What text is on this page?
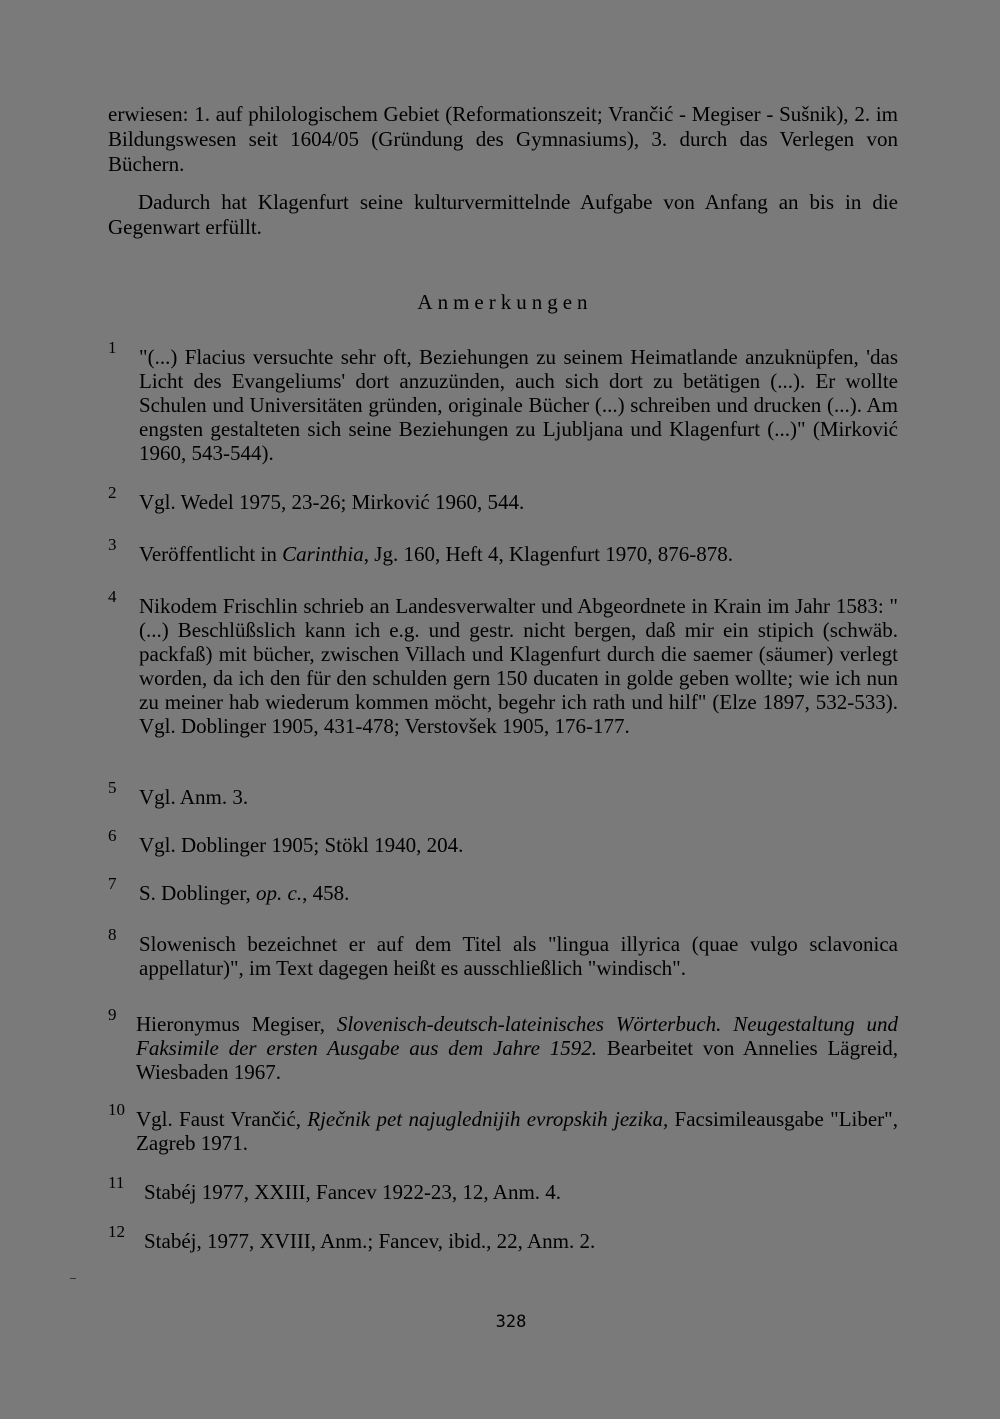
erwiesen: 1. auf philologischem Gebiet (Reformationszeit; Vrančić - Megiser - Sušnik), 2. im Bildungswesen seit 1604/05 (Gründung des Gymnasiums), 3. durch das Verlegen von Büchern.

Dadurch hat Klagenfurt seine kulturvermittelnde Aufgabe von Anfang an bis in die Gegenwart erfüllt.

Anmerkungen
1 "(...) Flacius versuchte sehr oft, Beziehungen zu seinem Heimatlande anzuknüpfen, 'das Licht des Evangeliums' dort anzuzünden, auch sich dort zu betätigen (...). Er wollte Schulen und Universitäten gründen, originale Bücher (...) schreiben und drucken (...). Am engsten gestalteten sich seine Beziehungen zu Ljubljana und Klagenfurt (...)" (Mirković 1960, 543-544).
2 Vgl. Wedel 1975, 23-26; Mirković 1960, 544.
3 Veröffentlicht in Carinthia, Jg. 160, Heft 4, Klagenfurt 1970, 876-878.
4 Nikodem Frischlin schrieb an Landesverwalter und Abgeordnete in Krain im Jahr 1583: "(...) Beschlüßslich kann ich e.g. und gestr. nicht bergen, daß mir ein stipich (schwäb. packfaß) mit bücher, zwischen Villach und Klagenfurt durch die saemer (säumer) verlegt worden, da ich den für den schulden gern 150 ducaten in golde geben wollte; wie ich nun zu meiner hab wiederum kommen möcht, begehr ich rath und hilf" (Elze 1897, 532-533). Vgl. Doblinger 1905, 431-478; Verstovšek 1905, 176-177.
5 Vgl. Anm. 3.
6 Vgl. Doblinger 1905; Stökl 1940, 204.
7 S. Doblinger, op. c., 458.
8 Slowenisch bezeichnet er auf dem Titel als "lingua illyrica (quae vulgo sclavonica appellatur)", im Text dagegen heißt es ausschließlich "windisch".
9 Hieronymus Megiser, Slovenisch-deutsch-lateinisches Wörterbuch. Neugestaltung und Faksimile der ersten Ausgabe aus dem Jahre 1592. Bearbeitet von Annelies Lägreid, Wiesbaden 1967.
10 Vgl. Faust Vrančić, Rječnik pet najuglednijih evropskih jezika, Facsimileausgabe "Liber", Zagreb 1971.
11 Stabéj 1977, XXIII, Fancev 1922-23, 12, Anm. 4.
12 Stabéj, 1977, XVIII, Anm.; Fancev, ibid., 22, Anm. 2.
328
